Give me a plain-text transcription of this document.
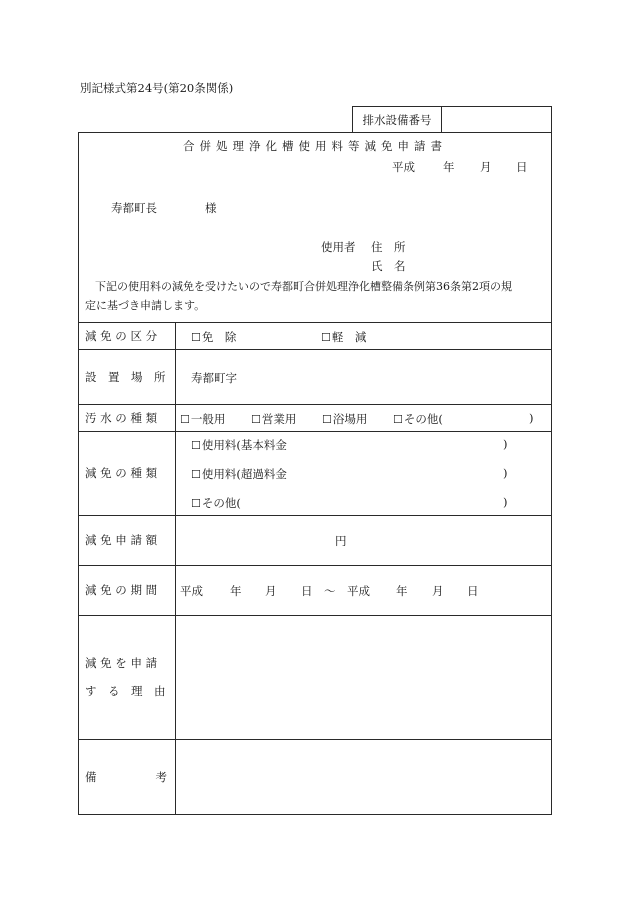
別記様式第24号(第20条関係)
排水設備番号
合併処理浄化槽使用料等減免申請書
平成 年 月 日
寿都町長	様
使用者 住　所
氏　名
下記の使用料の減免を受けたいので寿都町合併処理浄化槽整備条例第36条第2項の規
定に基づき申請します。
減 免 の 区 分	☐免　除	☐軽　減
設　置　場　所	寿都町字
汚 水 の 種 類	☐一般用 ☐営業用 ☐浴場用 ☐その他(	)
減 免 の 種 類
☐使用料(基本料金	)
☐使用料(超過料金	)
☐その他(	)
減 免 申 請 額	円
減 免 の 期 間	平成 年 月 日 ～ 平成 年 月 日
減 免 を 申 請
す　る　理　由
備	考
